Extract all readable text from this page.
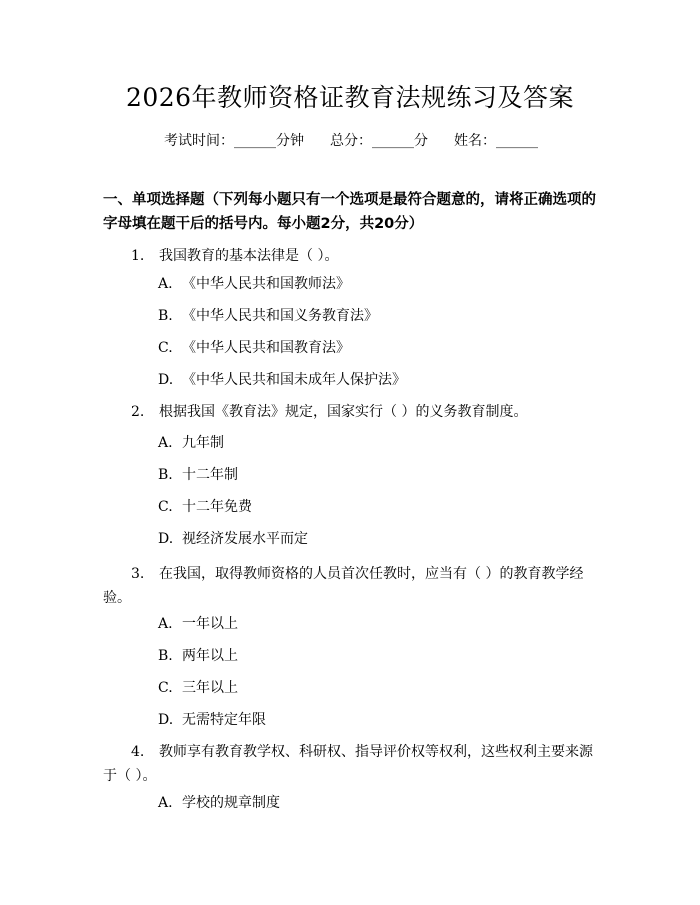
2026年教师资格证教育法规练习及答案
考试时间：______分钟 总分：______分 姓名：______
一、单项选择题（下列每小题只有一个选项是最符合题意的，请将正确选项的字母填在题干后的括号内。每小题2分，共20分）
1. 我国教育的基本法律是（ ）。
A. 《中华人民共和国教师法》
B. 《中华人民共和国义务教育法》
C. 《中华人民共和国教育法》
D. 《中华人民共和国未成年人保护法》
2. 根据我国《教育法》规定，国家实行（ ）的义务教育制度。
A. 九年制
B. 十二年制
C. 十二年免费
D. 视经济发展水平而定
3. 在我国，取得教师资格的人员首次任教时，应当有（ ）的教育教学经验。
A. 一年以上
B. 两年以上
C. 三年以上
D. 无需特定年限
4. 教师享有教育教学权、科研权、指导评价权等权利，这些权利主要来源于（ ）。
A. 学校的规章制度
